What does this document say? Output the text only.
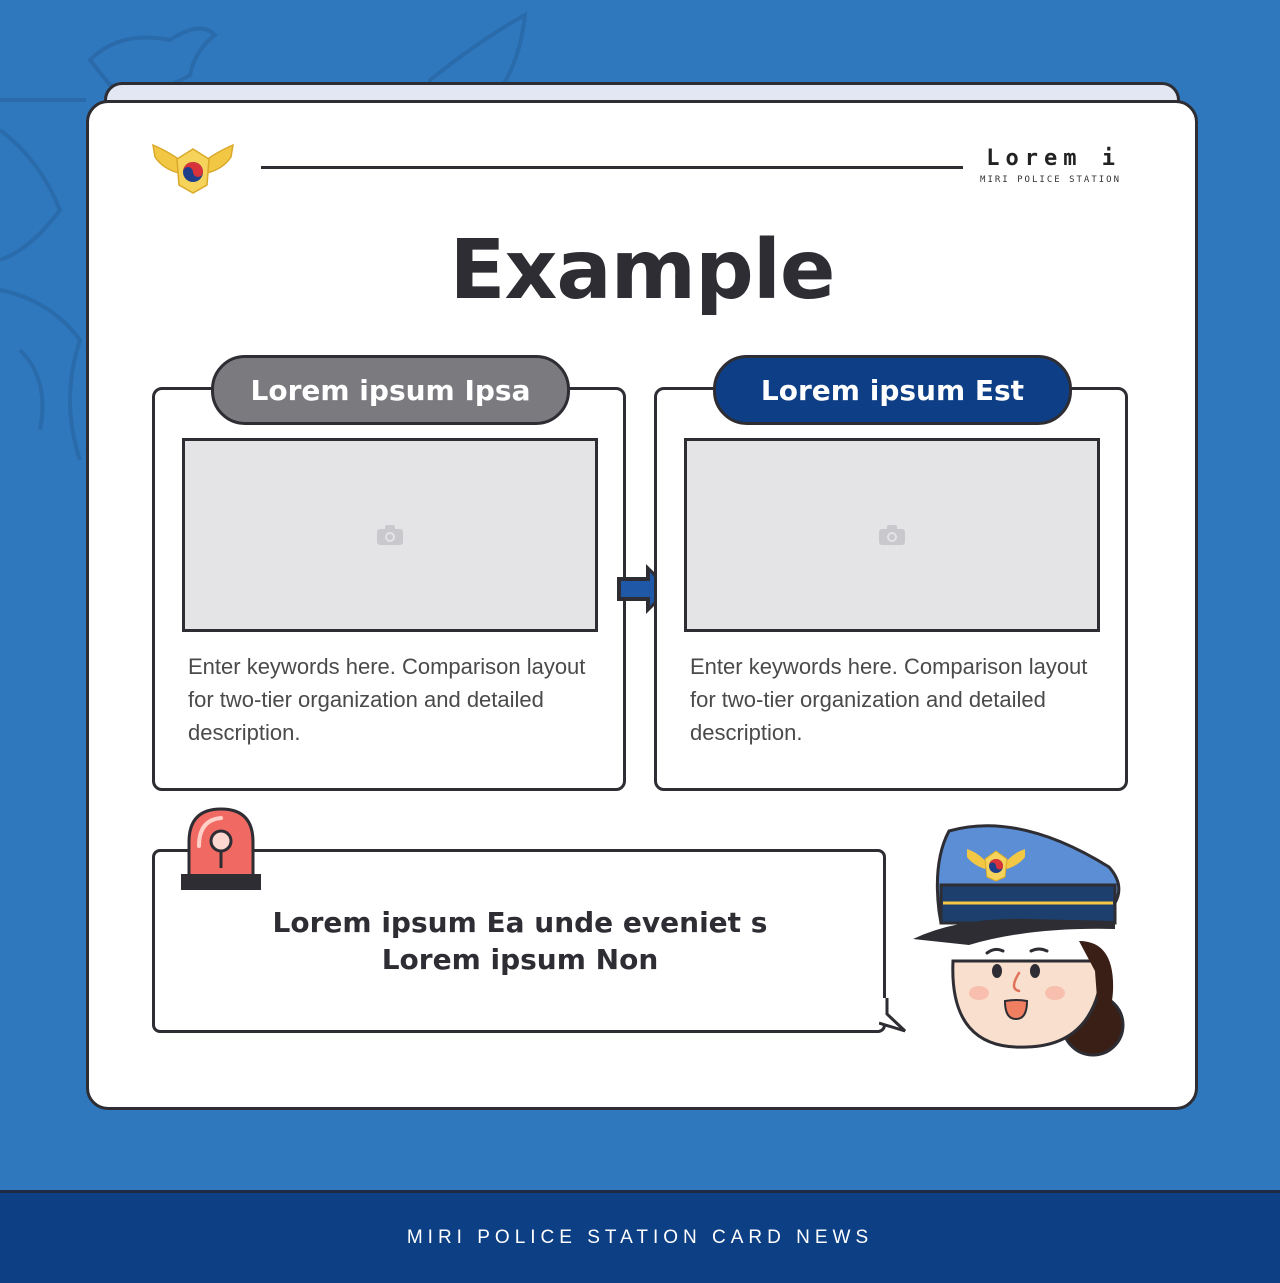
Lorem i
MIRI POLICE STATION
Example
Lorem ipsum Ipsa
Enter keywords here. Comparison layout for two-tier organization and detailed description.
Lorem ipsum Est
Enter keywords here. Comparison layout for two-tier organization and detailed description.
Lorem ipsum Ea unde eveniet s
Lorem ipsum Non
MIRI POLICE STATION CARD NEWS
